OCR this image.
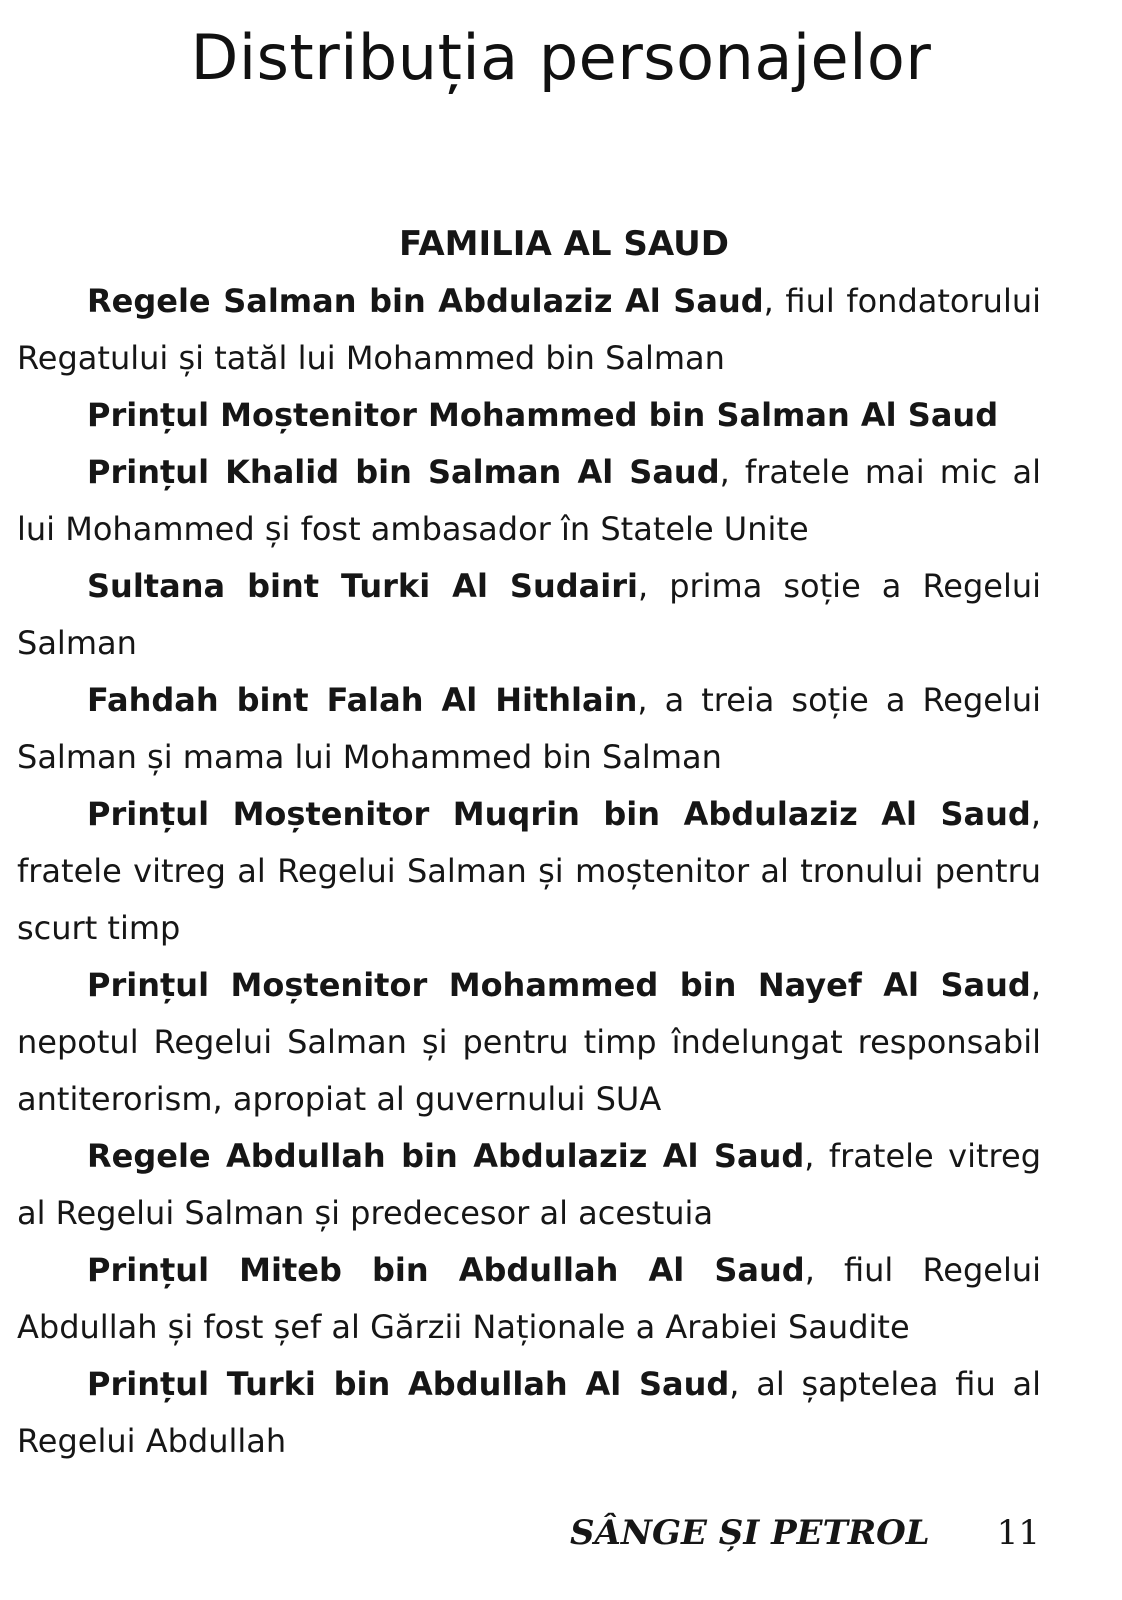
Distribuția personajelor
FAMILIA AL SAUD

Regele Salman bin Abdulaziz Al Saud, fiul fondatorului Regatului și tatăl lui Mohammed bin Salman

Prințul Moștenitor Mohammed bin Salman Al Saud

Prințul Khalid bin Salman Al Saud, fratele mai mic al lui Mohammed și fost ambasador în Statele Unite

Sultana bint Turki Al Sudairi, prima soție a Regelui Salman

Fahdah bint Falah Al Hithlain, a treia soție a Regelui Salman și mama lui Mohammed bin Salman

Prințul Moștenitor Muqrin bin Abdulaziz Al Saud, fratele vitreg al Regelui Salman și moștenitor al tronului pentru scurt timp

Prințul Moștenitor Mohammed bin Nayef Al Saud, nepotul Regelui Salman și pentru timp îndelungat responsabil antiterorism, apropiat al guvernului SUA

Regele Abdullah bin Abdulaziz Al Saud, fratele vitreg al Regelui Salman și predecesor al acestuia

Prințul Miteb bin Abdullah Al Saud, fiul Regelui Abdullah și fost șef al Gărzii Naționale a Arabiei Saudite

Prințul Turki bin Abdullah Al Saud, al șaptelea fiu al Regelui Abdullah

SÂNGE ȘI PETROL 11
